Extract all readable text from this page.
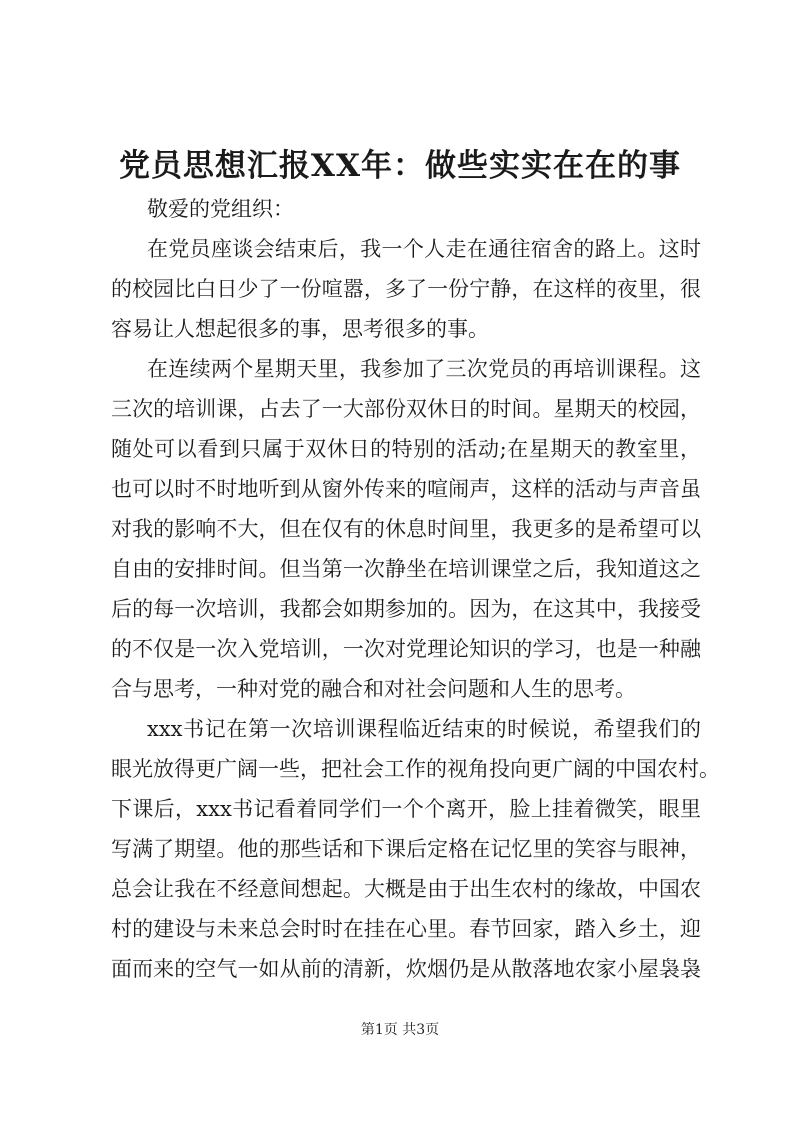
党员思想汇报XX年：做些实实在在的事
敬爱的党组织：
在党员座谈会结束后，我一个人走在通往宿舍的路上。这时
的校园比白日少了一份喧嚣，多了一份宁静，在这样的夜里，很
容易让人想起很多的事，思考很多的事。
在连续两个星期天里，我参加了三次党员的再培训课程。这
三次的培训课，占去了一大部份双休日的时间。星期天的校园，
随处可以看到只属于双休日的特别的活动;在星期天的教室里，
也可以时不时地听到从窗外传来的喧闹声，这样的活动与声音虽
对我的影响不大，但在仅有的休息时间里，我更多的是希望可以
自由的安排时间。但当第一次静坐在培训课堂之后，我知道这之
后的每一次培训，我都会如期参加的。因为，在这其中，我接受
的不仅是一次入党培训，一次对党理论知识的学习，也是一种融
合与思考，一种对党的融合和对社会问题和人生的思考。
xxx书记在第一次培训课程临近结束的时候说，希望我们的
眼光放得更广阔一些，把社会工作的视角投向更广阔的中国农村。
下课后，xxx书记看着同学们一个个离开，脸上挂着微笑，眼里
写满了期望。他的那些话和下课后定格在记忆里的笑容与眼神，
总会让我在不经意间想起。大概是由于出生农村的缘故，中国农
村的建设与未来总会时时在挂在心里。春节回家，踏入乡土，迎
面而来的空气一如从前的清新，炊烟仍是从散落地农家小屋袅袅
第1页 共3页
